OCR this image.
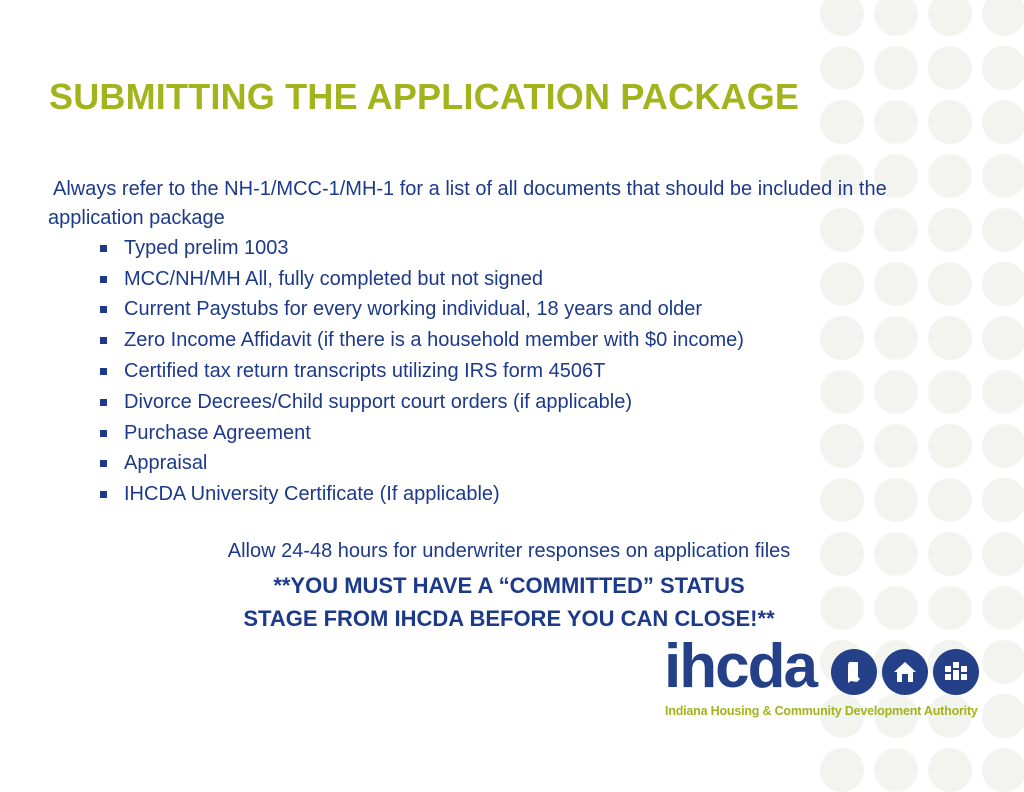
SUBMITTING THE APPLICATION PACKAGE

Always refer to the NH-1/MCC-1/MH-1 for a list of all documents that should be included in the application package

Typed prelim 1003
MCC/NH/MH All, fully completed but not signed
Current Paystubs for every working individual, 18 years and older
Zero Income Affidavit (if there is a household member with $0 income)
Certified tax return transcripts utilizing IRS form 4506T
Divorce Decrees/Child support court orders (if applicable)
Purchase Agreement
Appraisal
IHCDA University Certificate (If applicable)
Allow 24-48 hours for underwriter responses on application files
**YOU MUST HAVE A “COMMITTED” STATUS
STAGE FROM IHCDA BEFORE YOU CAN CLOSE!**
ihcda
Indiana Housing & Community Development Authority
